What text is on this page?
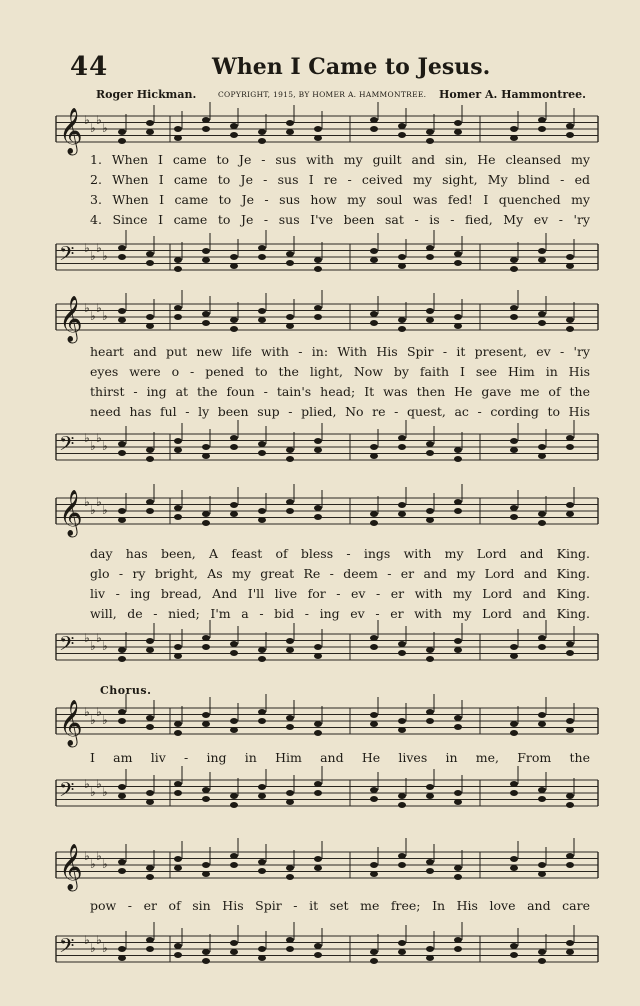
44	When I Came to Jesus.
Roger Hickman.	COPYRIGHT, 1915, BY HOMER A. HAMMONTREE. Homer A. Hammontree.
𝄞 ♭
♭
♭
♭
1. When I came to Je - sus with my guilt and sin, He cleansed my
2. When I came to Je - sus I re - ceived my sight, My blind - ed
3. When I came to Je - sus how my soul was fed! I quenched my
4. Since I came to Je - sus I've been sat - is - fied, My ev - 'ry
𝄢 ♭
♭
♭
♭
𝄞 ♭
♭
♭
♭
heart and put new life with - in: With His Spir - it present, ev - 'ry
eyes were o - pened to the light, Now by faith I see Him in His
thirst - ing at the foun - tain's head; It was then He gave me of the
need has ful - ly been sup - plied, No re - quest, ac - cording to His
𝄢 ♭
♭
♭
♭
𝄞 ♭
♭
♭
♭
day has been, A feast of bless - ings with my Lord and King.
glo - ry bright, As my great Re - deem - er and my Lord and King.
liv - ing bread, And I'll live for - ev - er with my Lord and King.
will, de - nied; I'm a - bid - ing ev - er with my Lord and King.
𝄢 ♭
♭
♭
♭
Chorus.
𝄞 ♭
♭
♭
♭
I am liv - ing in Him and He lives in me, From the
𝄢 ♭
♭
♭
♭
𝄞 ♭
♭
♭
♭
pow - er of sin His Spir - it set me free; In His love and care
𝄢 ♭
♭
♭
♭
